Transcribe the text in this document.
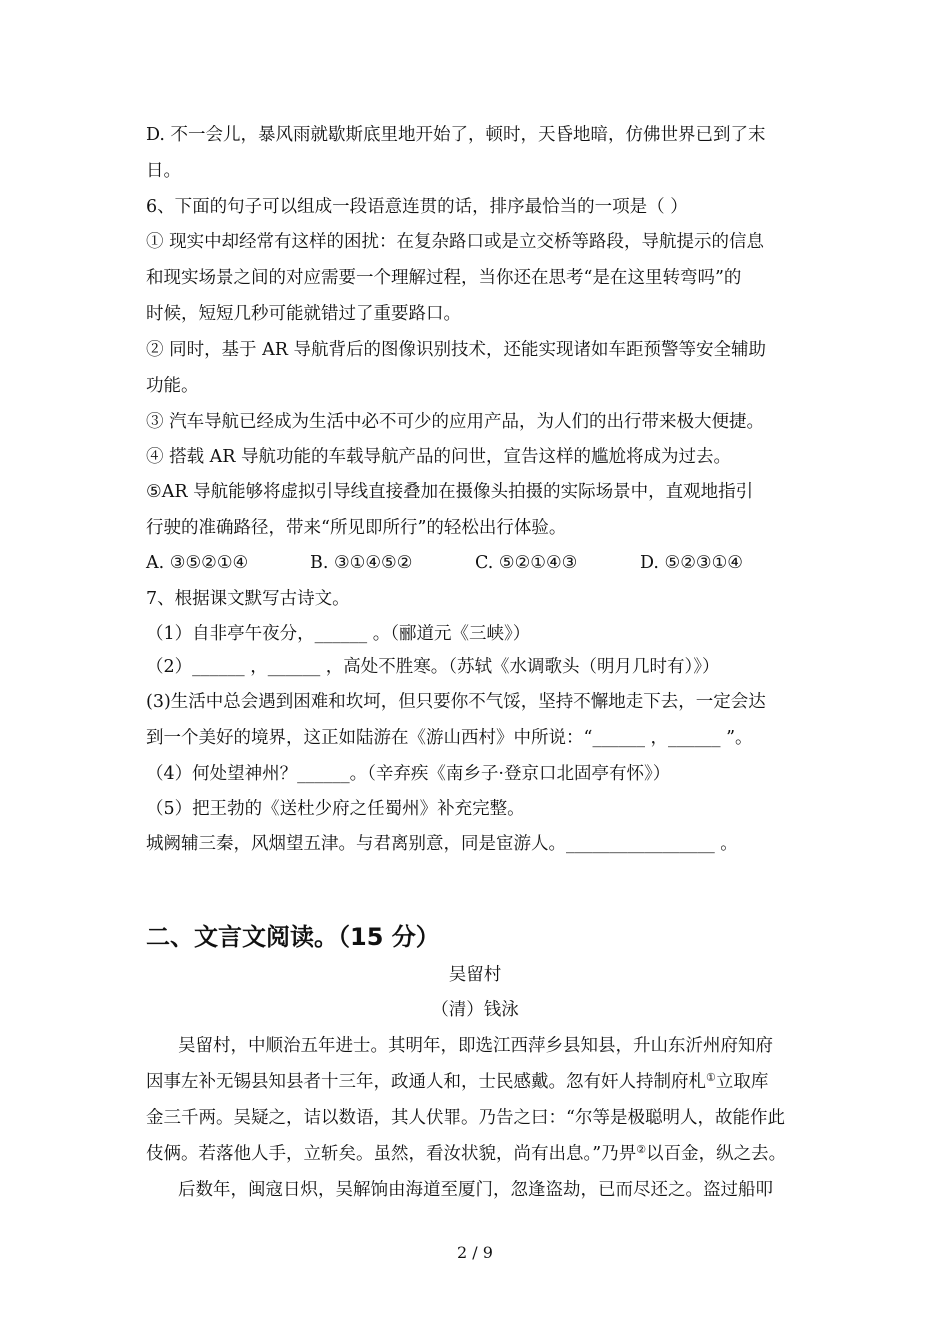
D. 不一会儿，暴风雨就歇斯底里地开始了，顿时，天昏地暗，仿佛世界已到了末
日。
6、下面的句子可以组成一段语意连贯的话，排序最恰当的一项是（ ）
① 现实中却经常有这样的困扰：在复杂路口或是立交桥等路段，导航提示的信息
和现实场景之间的对应需要一个理解过程，当你还在思考“是在这里转弯吗”的
时候，短短几秒可能就错过了重要路口。
② 同时，基于 AR 导航背后的图像识别技术，还能实现诸如车距预警等安全辅助
功能。
③ 汽车导航已经成为生活中必不可少的应用产品，为人们的出行带来极大便捷。
④ 搭载 AR 导航功能的车载导航产品的问世，宣告这样的尴尬将成为过去。
⑤AR 导航能够将虚拟引导线直接叠加在摄像头拍摄的实际场景中，直观地指引
行驶的准确路径，带来“所见即所行”的轻松出行体验。
A. ③⑤②①④	B. ③①④⑤②	C. ⑤②①④③	D. ⑤②③①④
7、根据课文默写古诗文。
（1）自非亭午夜分，______ 。（郦道元《三峡》）
（2）______ ，______ ，高处不胜寒。（苏轼《水调歌头（明月几时有）》）
(3)生活中总会遇到困难和坎坷，但只要你不气馁，坚持不懈地走下去，一定会达
到一个美好的境界，这正如陆游在《游山西村》中所说：“______ ，______ ”。
（4）何处望神州？______。（辛弃疾《南乡子·登京口北固亭有怀》）
（5）把王勃的《送杜少府之任蜀州》补充完整。
城阙辅三秦，风烟望五津。与君离别意，同是宦游人。_________________ 。
二、文言文阅读。（15 分）
吴留村
（清）钱泳
吴留村，中顺治五年进士。其明年，即选江西萍乡县知县，升山东沂州府知府
因事左补无锡县知县者十三年，政通人和，士民感戴。忽有奸人持制府札①立取库
金三千两。吴疑之，诘以数语，其人伏罪。乃告之曰：“尔等是极聪明人，故能作此
伎俩。若落他人手，立斩矣。虽然，看汝状貌，尚有出息。”乃畀②以百金，纵之去。
后数年，闽寇日炽，吴解饷由海道至厦门，忽逢盗劫，已而尽还之。盗过船叩
2 / 9
